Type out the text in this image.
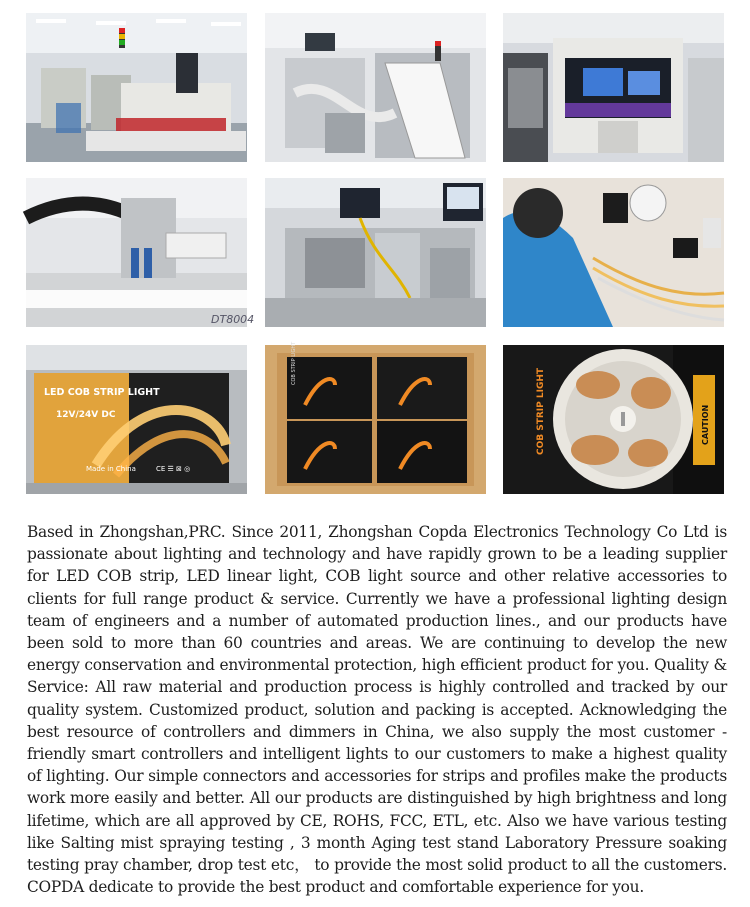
DT8004
LED COB STRIP LIGHT
12V/24V DC
Made in China	CE ☰ ⊠ ◎
COB STRIP LIGHT
COB STRIP LIGHT	CAUTION

Based in Zhongshan,PRC. Since 2011, Zhongshan Copda Electronics Technology Co Ltd is passionate about lighting and technology and have rapidly grown to be a leading supplier for LED COB strip, LED linear light, COB light source and other relative accessories to clients for full range product & service. Currently we have a professional lighting design team of engineers and a number of automated production lines., and our products have been sold to more than 60 countries and areas. We are continuing to develop the new energy conservation and environmental protection, high efficient product for you. Quality & Service: All raw material and production process is highly controlled and tracked by our quality system. Customized product, solution and packing is accepted. Acknowledging the best resource of controllers and dimmers in China, we also supply the most customer -friendly smart controllers and intelligent lights to our customers to make a highest quality of lighting. Our simple connectors and accessories for strips and profiles make the products work more easily and better. All our products are distinguished by high brightness and long lifetime, which are all approved by CE, ROHS, FCC, ETL, etc. Also we have various testing like Salting mist spraying testing , 3 month Aging test stand Laboratory Pressure soaking testing pray chamber, drop test etc， to provide the most solid product to all the customers. COPDA dedicate to provide the best product and comfortable experience for you.
